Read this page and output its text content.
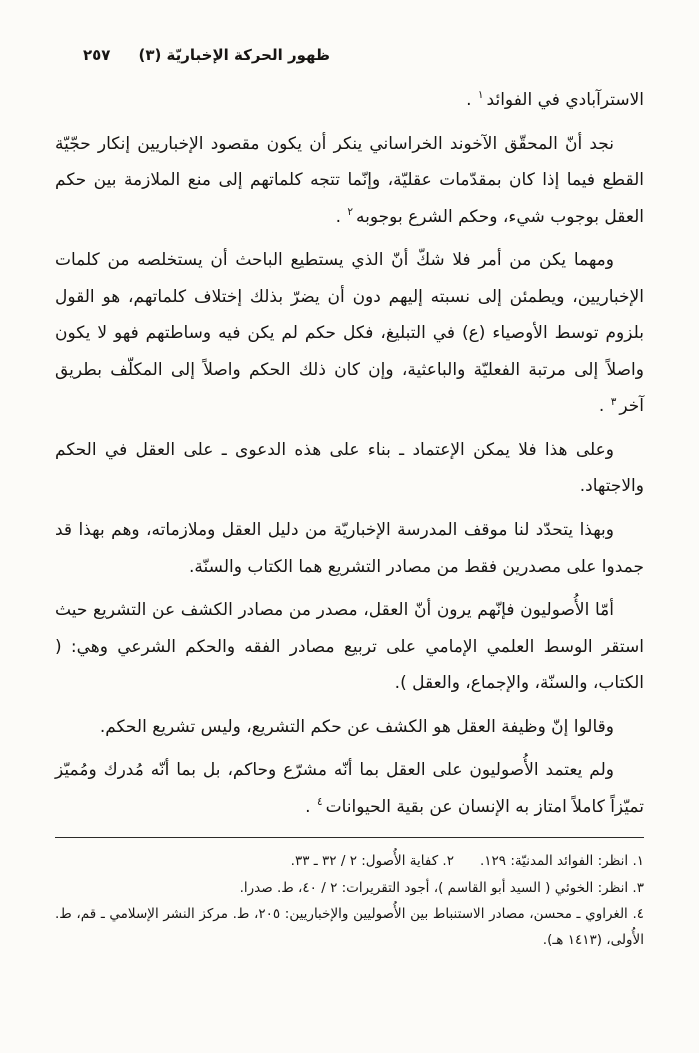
٢٥٧ ظهور الحركة الإخباريّة (٣)

الاسترآبادي في الفوائد$^١$ .

نجد أنّ المحقّق الآخوند الخراساني ينكر أن يكون مقصود الإخباريين إنكار حجّيّة القطع فيما إذا كان بمقدّمات عقليّة، وإنّما تتجه كلماتهم إلى منع الملازمة بين حكم العقل بوجوب شيء، وحكم الشرع بوجوبه$^٢$ .

ومهما يكن من أمر فلا شكّ أنّ الذي يستطيع الباحث أن يستخلصه من كلمات الإخباريين، ويطمئن إلى نسبته إليهم دون أن يضرّ بذلك إختلاف كلماتهم، هو القول بلزوم توسط الأوصياء (ع) في التبليغ، فكل حكم لم يكن فيه وساطتهم فهو لا يكون واصلاً إلى مرتبة الفعليّة والباعثية، وإن كان ذلك الحكم واصلاً إلى المكلّف بطريق آخر$^٣$ .

وعلى هذا فلا يمكن الإعتماد ـ بناء على هذه الدعوى ـ على العقل في الحكم والاجتهاد.

وبهذا يتحدّد لنا موقف المدرسة الإخباريّة من دليل العقل وملازماته، وهم بهذا قد جمدوا على مصدرين فقط من مصادر التشريع هما الكتاب والسنّة.

أمّا الأُصوليون فإنّهم يرون أنّ العقل، مصدر من مصادر الكشف عن التشريع حيث استقر الوسط العلمي الإمامي على تربيع مصادر الفقه والحكم الشرعي وهي: ( الكتاب، والسنّة، والإجماع، والعقل ).

وقالوا إنّ وظيفة العقل هو الكشف عن حكم التشريع، وليس تشريع الحكم.

ولم يعتمد الأُصوليون على العقل بما أنّه مشرّع وحاكم، بل بما أنّه مُدرك ومُميّز تميّزاً كاملاً امتاز به الإنسان عن بقية الحيوانات$^٤$ .

١. انظر: الفوائد المدنيّة: ١٢٩.
٢. كفاية الأُصول: ٢ / ٣٢ ـ ٣٣.

٣. انظر: الخوئي ( السيد أبو القاسم )، أجود التقريرات: ٢ / ٤٠، ط. صدرا.

٤. الغراوي ـ محسن، مصادر الاستنباط بين الأُصوليين والإخباريين: ٢٠٥، ط. مركز النشر الإسلامي ـ قم، ط. الأُولى، (١٤١٣ هـ).
